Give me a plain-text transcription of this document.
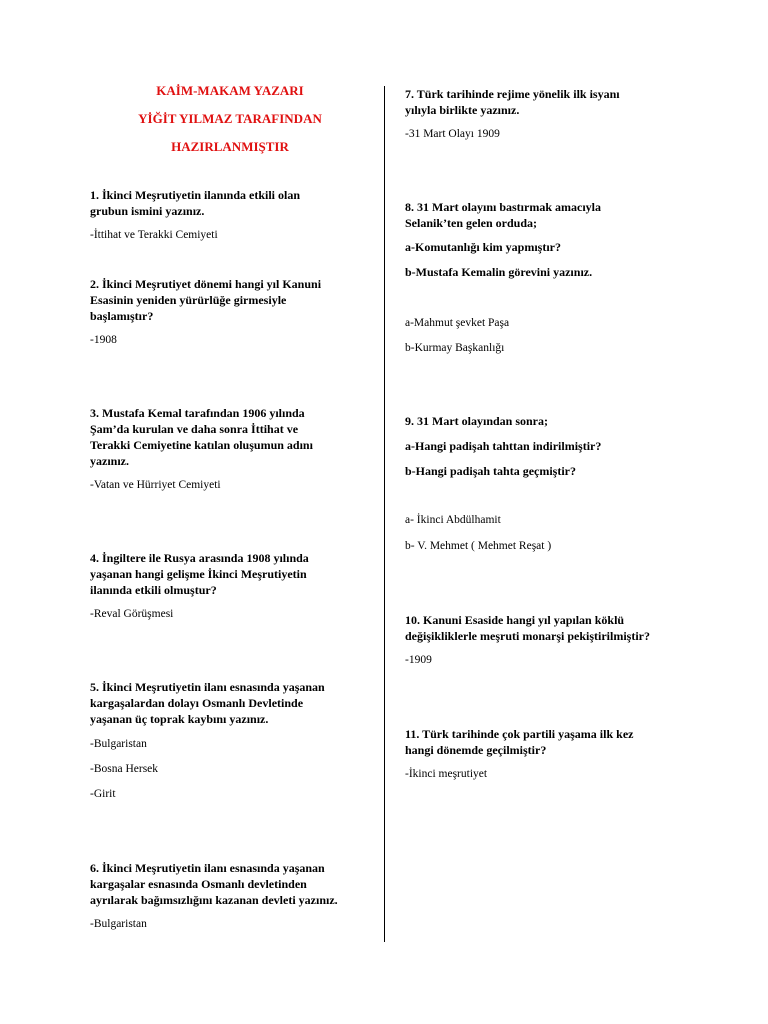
KAİM-MAKAM YAZARI
YİĞİT YILMAZ TARAFINDAN
HAZIRLANMIŞTIR
1. İkinci Meşrutiyetin ilanında etkili olan
grubun ismini yazınız.
-İttihat ve Terakki Cemiyeti
2. İkinci Meşrutiyet dönemi hangi yıl Kanuni
Esasinin yeniden yürürlüğe girmesiyle
başlamıştır?
-1908
3. Mustafa Kemal tarafından 1906 yılında
Şam’da kurulan ve daha sonra İttihat ve
Terakki Cemiyetine katılan oluşumun adını
yazınız.
-Vatan ve Hürriyet Cemiyeti
4. İngiltere ile Rusya arasında 1908 yılında
yaşanan hangi gelişme İkinci Meşrutiyetin
ilanında etkili olmuştur?
-Reval Görüşmesi
5. İkinci Meşrutiyetin ilanı esnasında yaşanan
kargaşalardan dolayı Osmanlı Devletinde
yaşanan üç toprak kaybını yazınız.
-Bulgaristan
-Bosna Hersek
-Girit
6. İkinci Meşrutiyetin ilanı esnasında yaşanan
kargaşalar esnasında Osmanlı devletinden
ayrılarak bağımsızlığını kazanan devleti yazınız.
-Bulgaristan
7. Türk tarihinde rejime yönelik ilk isyanı
yılıyla birlikte yazınız.
-31 Mart Olayı 1909
8. 31 Mart olayını bastırmak amacıyla
Selanik’ten gelen orduda;
a-Komutanlığı kim yapmıştır?
b-Mustafa Kemalin görevini yazınız.
a-Mahmut şevket Paşa
b-Kurmay Başkanlığı
9. 31 Mart olayından sonra;
a-Hangi padişah tahttan indirilmiştir?
b-Hangi padişah tahta geçmiştir?
a- İkinci Abdülhamit
b- V. Mehmet ( Mehmet Reşat )
10. Kanuni Esaside hangi yıl yapılan köklü
değişikliklerle meşruti monarşi pekiştirilmiştir?
-1909
11. Türk tarihinde çok partili yaşama ilk kez
hangi dönemde geçilmiştir?
-İkinci meşrutiyet
